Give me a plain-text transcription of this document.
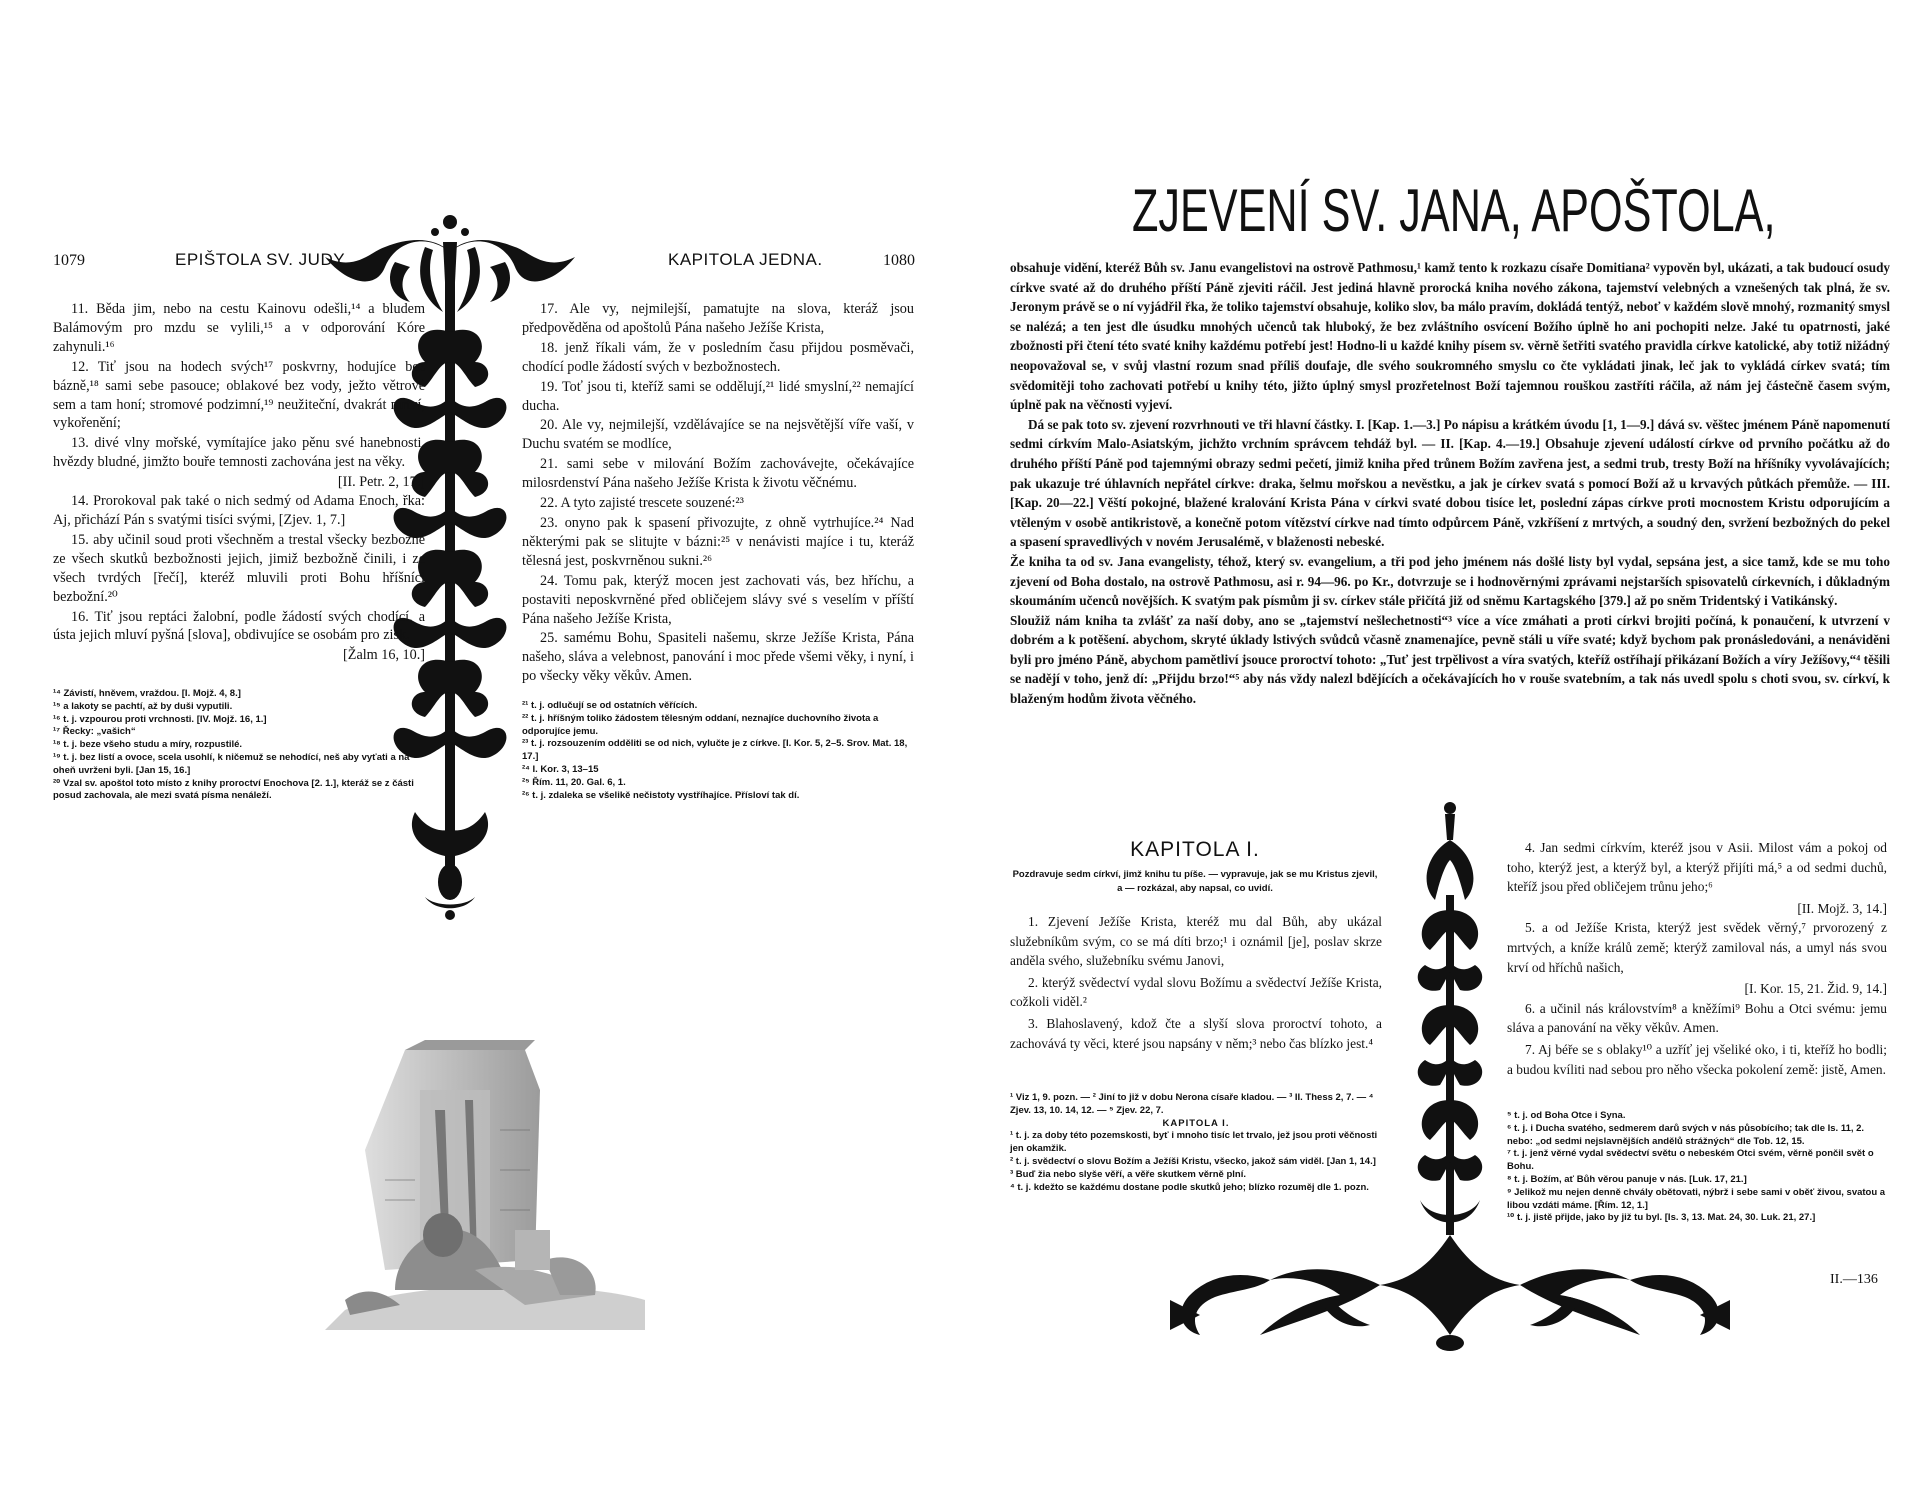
1079	EPIŠTOLA SV. JUDY	KAPITOLA JEDNA.	1080

11. Běda jim, nebo na cestu Kainovu odešli,¹⁴ a bludem Balámovým pro mzdu se vylili,¹⁵ a v odporování Kóre zahynuli.¹⁶

12. Tiť jsou na hodech svých¹⁷ poskvrny, hodujíce bez bázně,¹⁸ sami sebe pasouce; oblakové bez vody, ježto větrové sem a tam honí; stromové podzimní,¹⁹ neužiteční, dvakrát mrtví, vykořenění;

13. divé vlny mořské, vymítajíce jako pěnu své hanebnosti, hvězdy bludné, jimžto bouře temnosti zachována jest na věky.

[II. Petr. 2, 17.]

14. Prorokoval pak také o nich sedmý od Adama Enoch, řka: Aj, přichází Pán s svatými tisíci svými, [Zjev. 1, 7.]

15. aby učinil soud proti všechněm a trestal všecky bezbožné ze všech skutků bezbožnosti jejich, jimiž bezbožně činili, i ze všech tvrdých [řečí], kteréž mluvili proti Bohu hříšníci bezbožní.²⁰

16. Tiť jsou reptáci žalobní, podle žádostí svých chodící, a ústa jejich mluví pyšná [slova], obdivujíce se osobám pro zisk.

[Žalm 16, 10.]

17. Ale vy, nejmilejší, pamatujte na slova, kteráž jsou předpověděna od apoštolů Pána našeho Ježíše Krista,

18. jenž říkali vám, že v posledním času přijdou posměvači, chodící podle žádostí svých v bezbožnostech.

19. Toť jsou ti, kteříž sami se oddělují,²¹ lidé smyslní,²² nemající ducha.

20. Ale vy, nejmilejší, vzdělávajíce se na nejsvětější víře vaší, v Duchu svatém se modlíce,

21. sami sebe v milování Božím zachovávejte, očekávajíce milosrdenství Pána našeho Ježíše Krista k životu věčnému.

22. A tyto zajisté trescete souzené:²³

23. onyno pak k spasení přivozujte, z ohně vytrhujíce.²⁴ Nad některými pak se slitujte v bázni:²⁵ v nenávisti majíce i tu, kteráž tělesná jest, poskvrněnou sukni.²⁶

24. Tomu pak, kterýž mocen jest zachovati vás, bez hříchu, a postaviti neposkvrněné před obličejem slávy své s veselím v příští Pána našeho Ježíše Krista,

25. samému Bohu, Spasiteli našemu, skrze Ježíše Krista, Pána našeho, sláva a velebnost, panování i moc přede všemi věky, i nyní, i po všecky věky věkův. Amen.

¹⁴ Závistí, hněvem, vraždou. [I. Mojž. 4, 8.]
¹⁵ a lakoty se pachtí, až by duši vyputili.
¹⁶ t. j. vzpourou proti vrchnosti. [IV. Mojž. 16, 1.]
¹⁷ Řecky: „vašich“
¹⁸ t. j. beze všeho studu a míry, rozpustilé.
¹⁹ t. j. bez listí a ovoce, scela usohlí, k ničemuž se nehodící, neš aby vyťati a na oheň uvrženi byli. [Jan 15, 16.]
²⁰ Vzal sv. apoštol toto místo z knihy proroctví Enochova [2. 1.], kteráž se z části posud zachovala, ale mezi svatá písma nenáleží.
²¹ t. j. odlučují se od ostatních věřících.
²² t. j. hříšným toliko žádostem tělesným oddaní, neznajíce duchovního života a odporujíce jemu.
²³ t. j. rozsouzením odděliti se od nich, vylučte je z církve. [I. Kor. 5, 2–5. Srov. Mat. 18, 17.]
²⁴ I. Kor. 3, 13–15
²⁵ Řím. 11, 20. Gal. 6, 1.
²⁶ t. j. zdaleka se všelikě nečistoty vystříhajíce. Přísloví tak dí.
ZJEVENÍ SV. JANA, APOŠTOLA,

obsahuje vidění, kteréž Bůh sv. Janu evangelistovi na ostrově Pathmosu,¹ kamž tento k rozkazu císaře Domitiana² vypověn byl, ukázati, a tak budoucí osudy církve svaté až do druhého příští Páně zjeviti ráčil. Jest jediná hlavně prorocká kniha nového zákona, tajemství velebných a vznešených tak plná, že sv. Jeronym právě se o ní vyjádřil řka, že toliko tajemství obsahuje, koliko slov, ba málo pravím, dokládá tentýž, neboť v každém slově mnohý, rozmanitý smysl se nalézá; a ten jest dle úsudku mnohých učenců tak hluboký, že bez zvláštního osvícení Božího úplně ho ani pochopiti nelze. Jaké tu opatrnosti, jaké zbožnosti při čtení této svaté knihy každému potřebí jest! Hodno-li u každé knihy písem sv. věrně šetřiti svatého pravidla církve katolické, aby totiž nižádný neopovažoval se, v svůj vlastní rozum snad příliš doufaje, dle svého soukromného smyslu co čte vykládati jinak, leč jak to vykládá církev svatá; tím svědomitěji toho zachovati potřebí u knihy této, jižto úplný smysl prozřetelnost Boží tajemnou rouškou zastříti ráčila, až nám jej částečně časem svým, úplně pak na věčnosti vyjeví.

Dá se pak toto sv. zjevení rozvrhnouti ve tři hlavní částky. I. [Kap. 1.—3.] Po nápisu a krátkém úvodu [1, 1—9.] dává sv. věštec jménem Páně napomenutí sedmi církvím Malo-Asiatským, jichžto vrchním správcem tehdáž byl. — II. [Kap. 4.—19.] Obsahuje zjevení událostí církve od prvního počátku až do druhého příští Páně pod tajemnými obrazy sedmi pečetí, jimiž kniha před trůnem Božím zavřena jest, a sedmi trub, tresty Boží na hříšníky vyvolávajících; pak ukazuje tré úhlavních nepřátel církve: draka, šelmu mořskou a nevěstku, a jak je církev svatá s pomocí Boží až u krvavých půtkách přemůže. — III. [Kap. 20—22.] Věští pokojné, blažené kralování Krista Pána v církvi svaté dobou tisíce let, poslední zápas církve proti mocnostem Kristu odporujícím a vtěleným v osobě antikristově, a konečně potom vítězství církve nad tímto odpůrcem Páně, vzkříšení z mrtvých, a soudný den, svržení bezbožných do pekel a spasení spravedlivých v novém Jerusalémě, v blaženosti nebeské.

Že kniha ta od sv. Jana evangelisty, téhož, který sv. evangelium, a tři pod jeho jménem nás došlé listy byl vydal, sepsána jest, a sice tamž, kde se mu toho zjevení od Boha dostalo, na ostrově Pathmosu, asi r. 94—96. po Kr., dotvrzuje se i hodnověrnými zprávami nejstarších spisovatelů církevních, i důkladným skoumáním učenců novějších. K svatým pak písmům ji sv. církev stále přičítá již od sněmu Kartagského [379.] až po sněm Tridentský i Vatikánský.

Sloužiž nám kniha ta zvlášť za naší doby, ano se „tajemství nešlechetnosti“³ více a více zmáhati a proti církvi brojiti počíná, k ponaučení, k utvrzení v dobrém a k potěšení. abychom, skryté úklady lstivých svůdců včasně znamenajíce, pevně stáli u víře svaté; když bychom pak pronásledováni, a nenáviděni byli pro jméno Páně, abychom pamětliví jsouce proroctví tohoto: „Tuť jest trpělivost a víra svatých, kteříž ostříhají přikázaní Božích a víry Ježíšovy,“⁴ těšili se nadějí v toho, jenž dí: „Přijdu brzo!“⁵ aby nás vždy nalezl bdějících a očekávajících ho v rouše svatebním, a tak nás uvedl spolu s choti svou, sv. církví, k blaženým hodům života věčného.

KAPITOLA I.
Pozdravuje sedm církví, jimž knihu tu píše. — vypravuje, jak se mu Kristus zjevil, a — rozkázal, aby napsal, co uvidí.

1. Zjevení Ježíše Krista, kteréž mu dal Bůh, aby ukázal služebníkům svým, co se má díti brzo;¹ i oznámil [je], poslav skrze anděla svého, služebníku svému Janovi,

2. kterýž svědectví vydal slovu Božímu a svědectví Ježíše Krista, cožkoli viděl.²

3. Blahoslavený, kdož čte a slyší slova proroctví tohoto, a zachovává ty věci, které jsou napsány v něm;³ nebo čas blízko jest.⁴

4. Jan sedmi církvím, kteréž jsou v Asii. Milost vám a pokoj od toho, kterýž jest, a kterýž byl, a kterýž přijíti má,⁵ a od sedmi duchů, kteříž jsou před obličejem trůnu jeho;⁶

[II. Mojž. 3, 14.]

5. a od Ježíše Krista, kterýž jest svědek věrný,⁷ prvorozený z mrtvých, a kníže králů země; kterýž zamiloval nás, a umyl nás svou krví od hříchů našich,

[I. Kor. 15, 21. Žid. 9, 14.]

6. a učinil nás královstvím⁸ a kněžími⁹ Bohu a Otci svému: jemu sláva a panování na věky věkův. Amen.

7. Aj béře se s oblaky¹⁰ a uzříť jej všeliké oko, i ti, kteříž ho bodli; a budou kvíliti nad sebou pro něho všecka pokolení země: jistě, Amen.

¹ Viz 1, 9. pozn. — ² Jiní to již v dobu Nerona císaře kladou. — ³ II. Thess 2, 7. — ⁴ Zjev. 13, 10. 14, 12. — ⁵ Zjev. 22, 7.
KAPITOLA I.
¹ t. j. za doby této pozemskosti, byť i mnoho tisíc let trvalo, jež jsou proti věčnosti jen okamžik.
² t. j. svědectví o slovu Božím a Ježíši Kristu, všecko, jakož sám viděl. [Jan 1, 14.]
³ Buď žia nebo slyše věří, a věře skutkem věrně plní.
⁴ t. j. kdežto se každému dostane podle skutků jeho; blízko rozuměj dle 1. pozn.
⁵ t. j. od Boha Otce i Syna.
⁶ t. j. i Ducha svatého, sedmerem darů svých v nás působícího; tak dle Is. 11, 2. nebo: „od sedmi nejslavnějších andělů strážných“ dle Tob. 12, 15.
⁷ t. j. jenž věrné vydal svědectví světu o nebeském Otci svém, věrně pončil svět o Bohu.
⁸ t. j. Božím, ať Bůh věrou panuje v nás. [Luk. 17, 21.]
⁹ Jelikož mu nejen denně chvály obětovati, nýbrž i sebe sami v oběť živou, svatou a libou vzdáti máme. [Řím. 12, 1.]
¹⁰ t. j. jistě přijde, jako by již tu byl. [Is. 3, 13. Mat. 24, 30. Luk. 21, 27.]
II.—136
